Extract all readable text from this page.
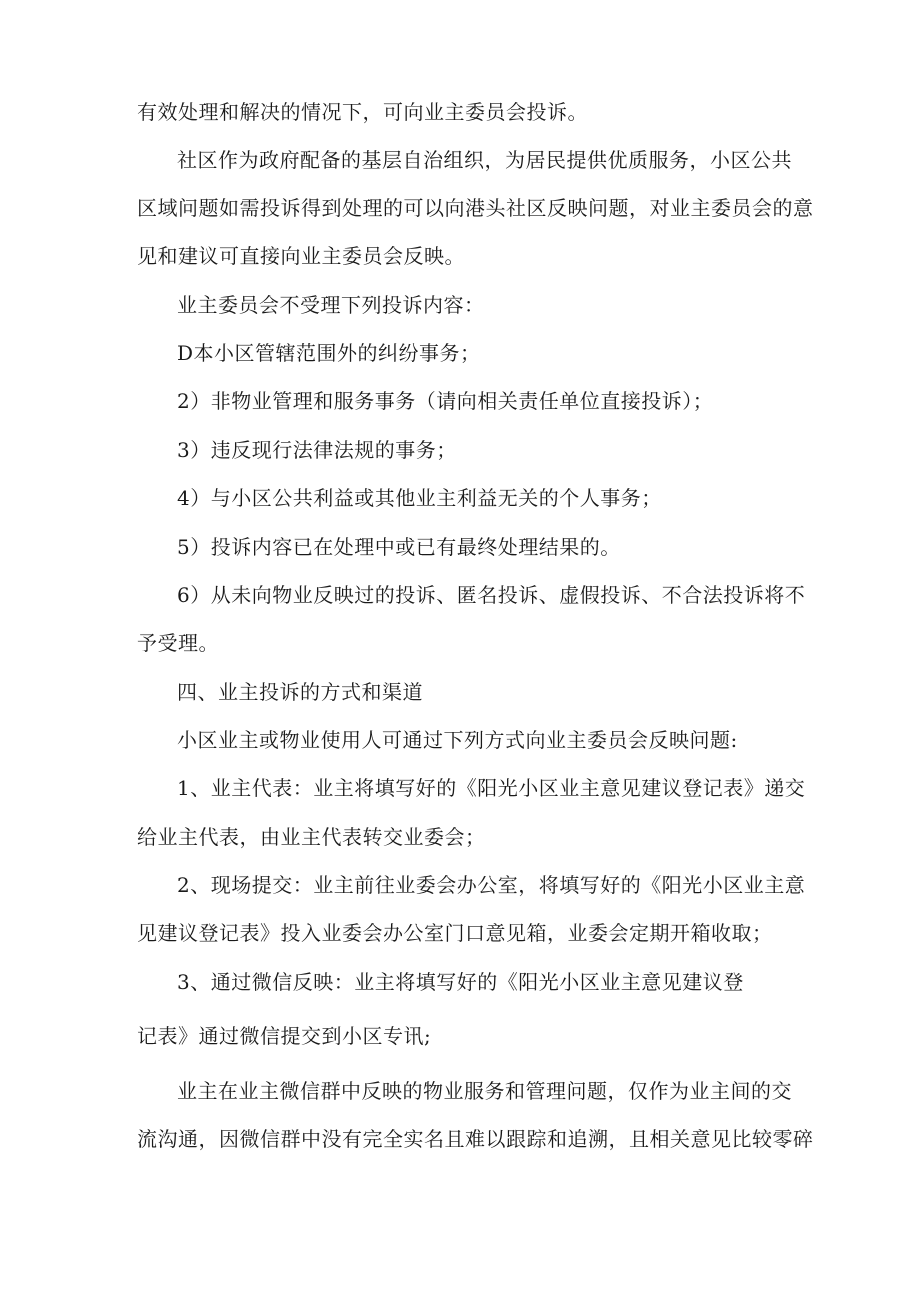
有效处理和解决的情况下，可向业主委员会投诉。
社区作为政府配备的基层自治组织，为居民提供优质服务，小区公共
区域问题如需投诉得到处理的可以向港头社区反映问题，对业主委员会的意
见和建议可直接向业主委员会反映。
业主委员会不受理下列投诉内容：
D本小区管辖范围外的纠纷事务；
2）非物业管理和服务事务（请向相关责任单位直接投诉）；
3）违反现行法律法规的事务；
4）与小区公共利益或其他业主利益无关的个人事务；
5）投诉内容已在处理中或已有最终处理结果的。
6）从未向物业反映过的投诉、匿名投诉、虚假投诉、不合法投诉将不
予受理。
四、业主投诉的方式和渠道
小区业主或物业使用人可通过下列方式向业主委员会反映问题:
1、业主代表：业主将填写好的《阳光小区业主意见建议登记表》递交
给业主代表，由业主代表转交业委会；
2、现场提交：业主前往业委会办公室，将填写好的《阳光小区业主意
见建议登记表》投入业委会办公室门口意见箱，业委会定期开箱收取；
3、通过微信反映：业主将填写好的《阳光小区业主意见建议登
记表》通过微信提交到小区专讯;
业主在业主微信群中反映的物业服务和管理问题，仅作为业主间的交
流沟通，因微信群中没有完全实名且难以跟踪和追溯，且相关意见比较零碎
